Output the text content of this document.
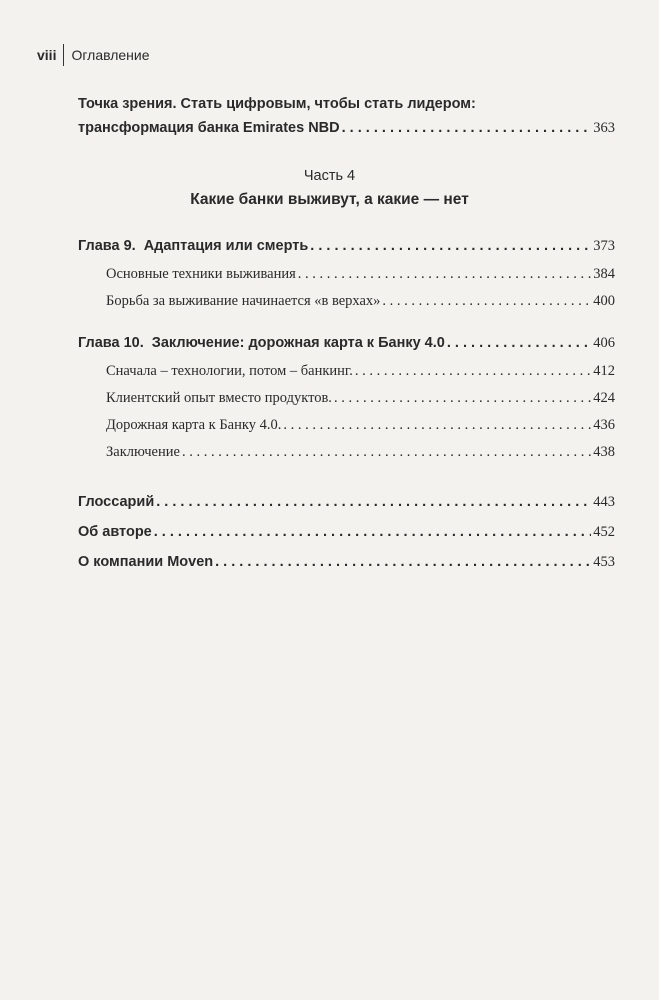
viii Оглавление
Точка зрения. Стать цифровым, чтобы стать лидером:
трансформация банка Emirates NBD . . .	363
Часть 4
Какие банки выживут, а какие — нет
Глава 9. Адаптация или смерть . . .	373
Основные техники выживания . . .	384
Борьба за выживание начинается «в верхах» . . .	400
Глава 10. Заключение: дорожная карта к Банку 4.0 . . .	406
Сначала – технологии, потом – банкинг. . . .	412
Клиентский опыт вместо продуктов. . . .	424
Дорожная карта к Банку 4.0. . . .	436
Заключение . . .	438
Глоссарий . . .	443
Об авторе . . .	452
О компании Moven . . .	453
